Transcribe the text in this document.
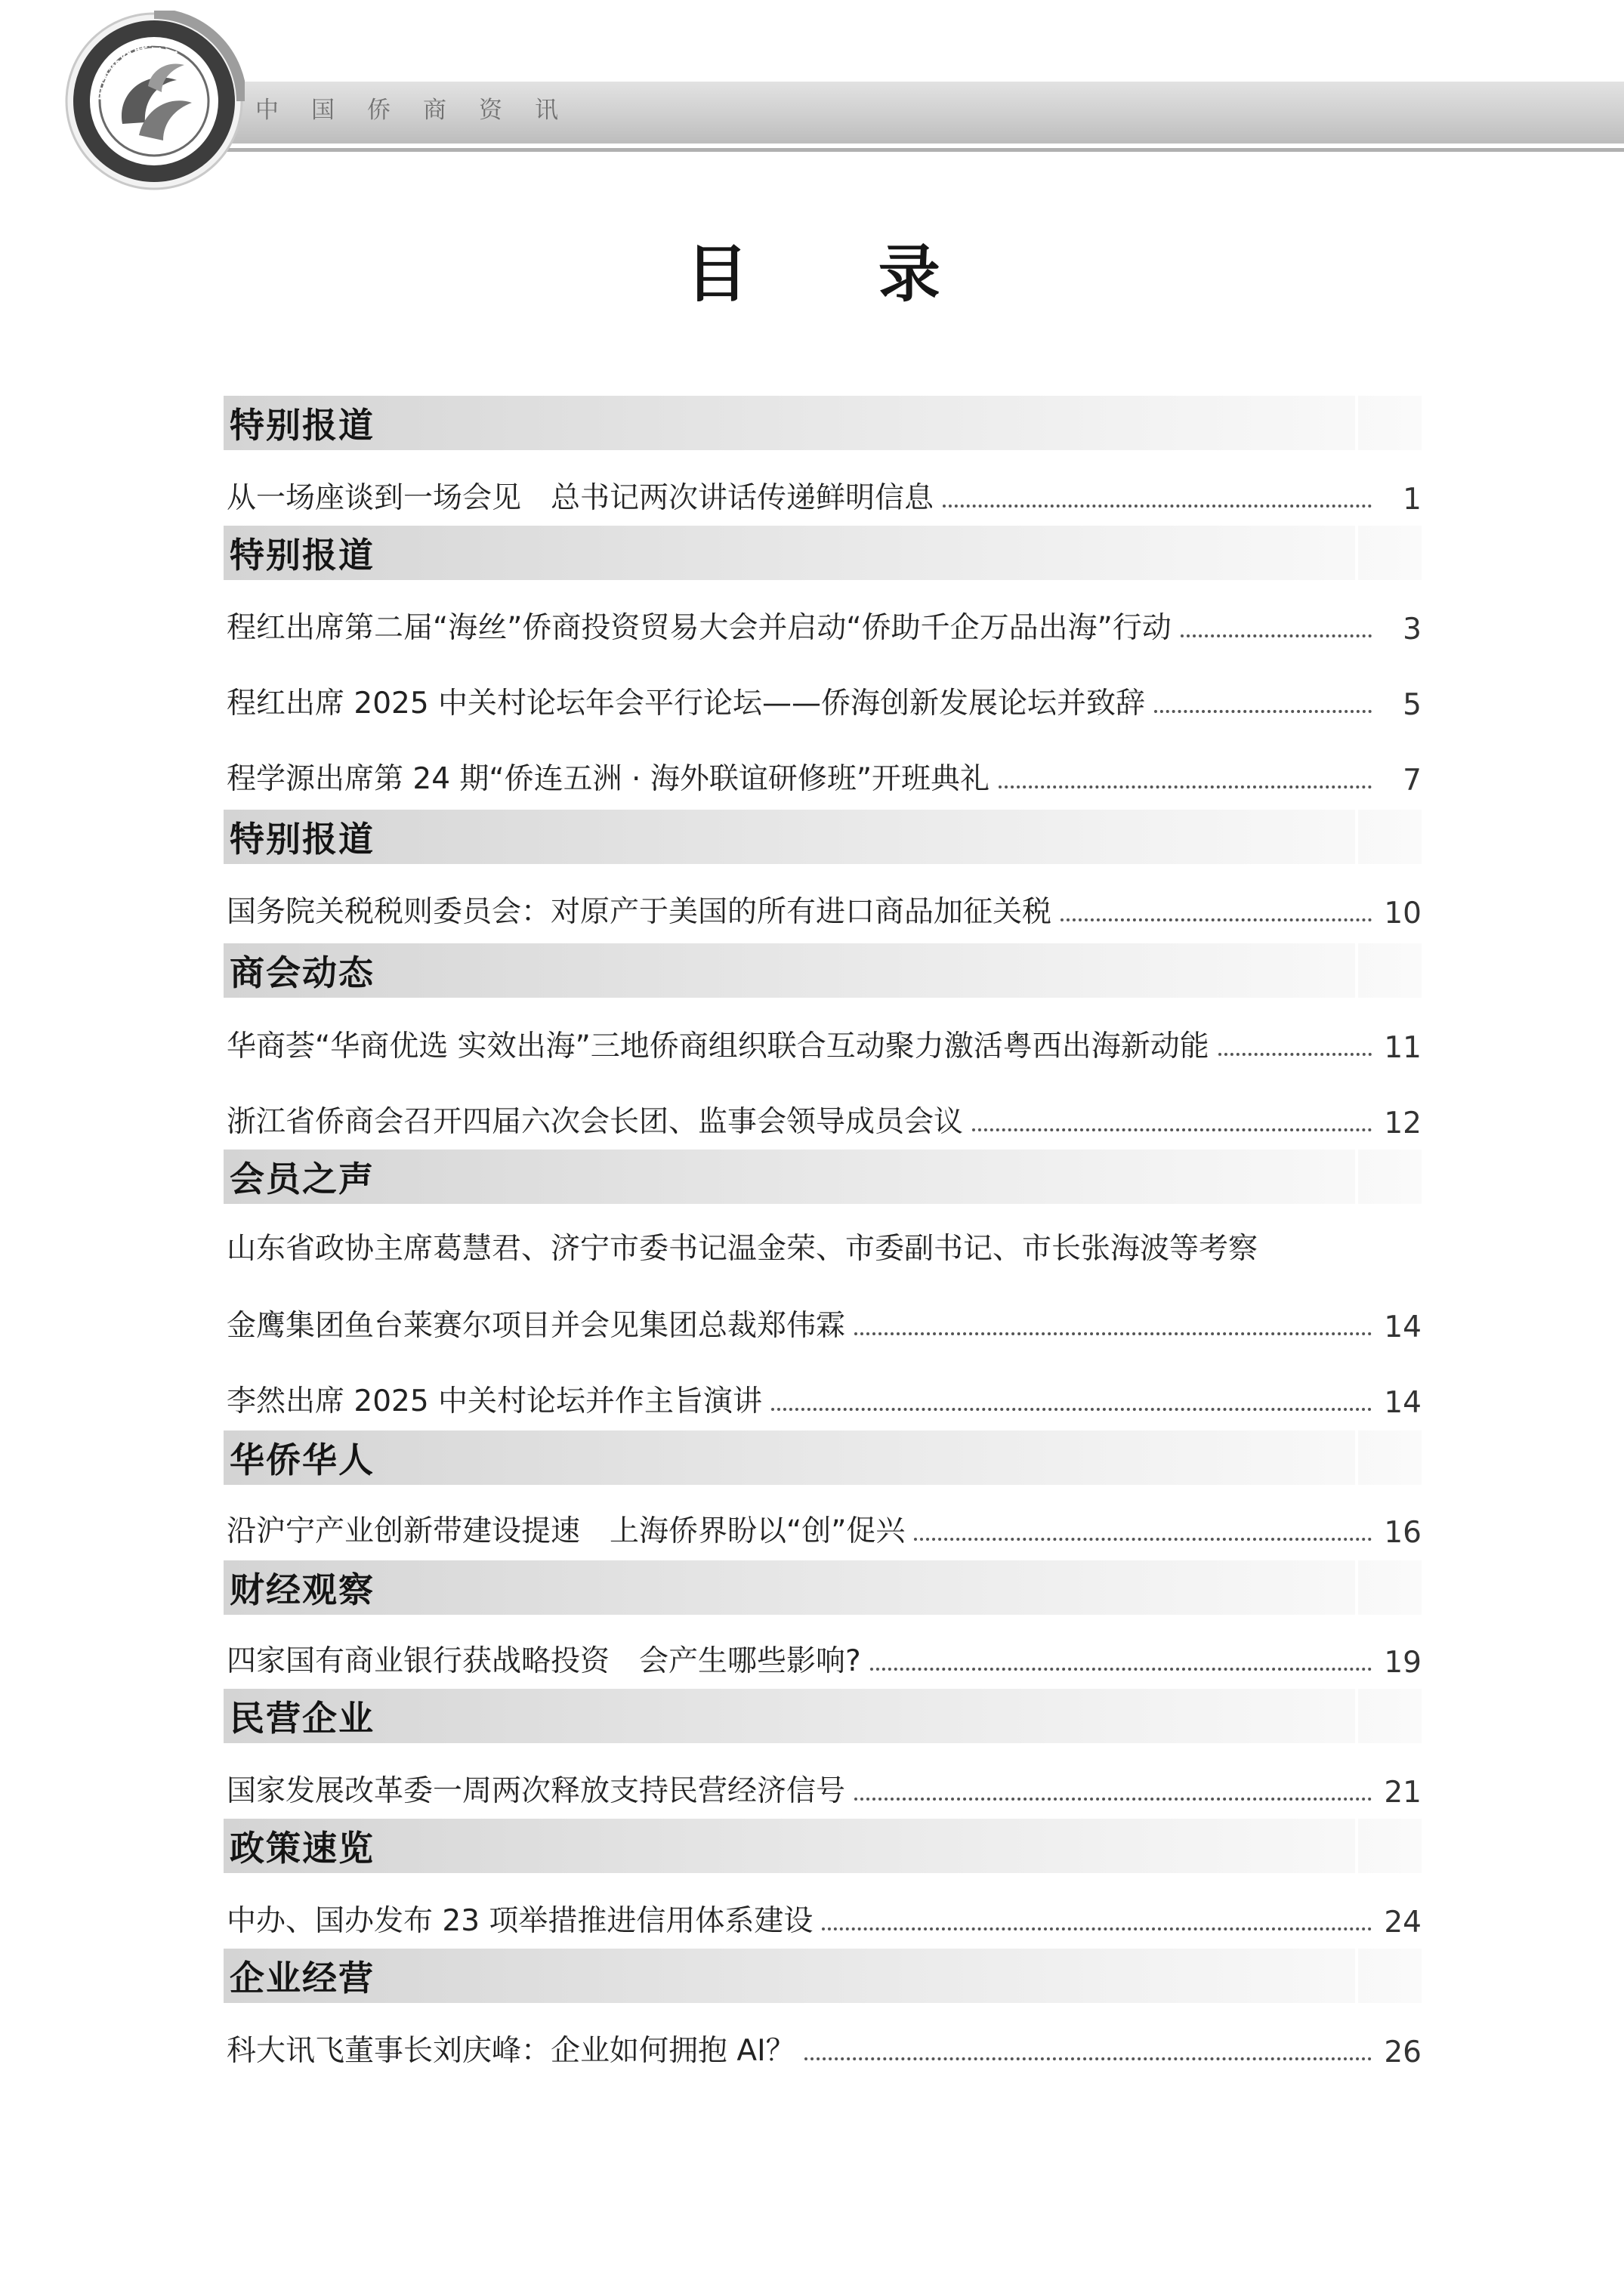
中国侨商资讯
中国侨商联合会
目 录
特别报道
从一场座谈到一场会见　总书记两次讲话传递鲜明信息	1
特别报道
程红出席第二届“海丝”侨商投资贸易大会并启动“侨助千企万品出海”行动	3
程红出席 2025 中关村论坛年会平行论坛——侨海创新发展论坛并致辞	5
程学源出席第 24 期“侨连五洲 · 海外联谊研修班”开班典礼	7
特别报道
国务院关税税则委员会：对原产于美国的所有进口商品加征关税	10
商会动态
华商荟“华商优选 实效出海”三地侨商组织联合互动聚力激活粤西出海新动能	11
浙江省侨商会召开四届六次会长团、监事会领导成员会议	12
会员之声
山东省政协主席葛慧君、济宁市委书记温金荣、市委副书记、市长张海波等考察
金鹰集团鱼台莱赛尔项目并会见集团总裁郑伟霖	14
李然出席 2025 中关村论坛并作主旨演讲	14
华侨华人
沿沪宁产业创新带建设提速　上海侨界盼以“创”促兴	16
财经观察
四家国有商业银行获战略投资　会产生哪些影响?	19
民营企业
国家发展改革委一周两次释放支持民营经济信号	21
政策速览
中办、国办发布 23 项举措推进信用体系建设	24
企业经营
科大讯飞董事长刘庆峰：企业如何拥抱 AI？	26
